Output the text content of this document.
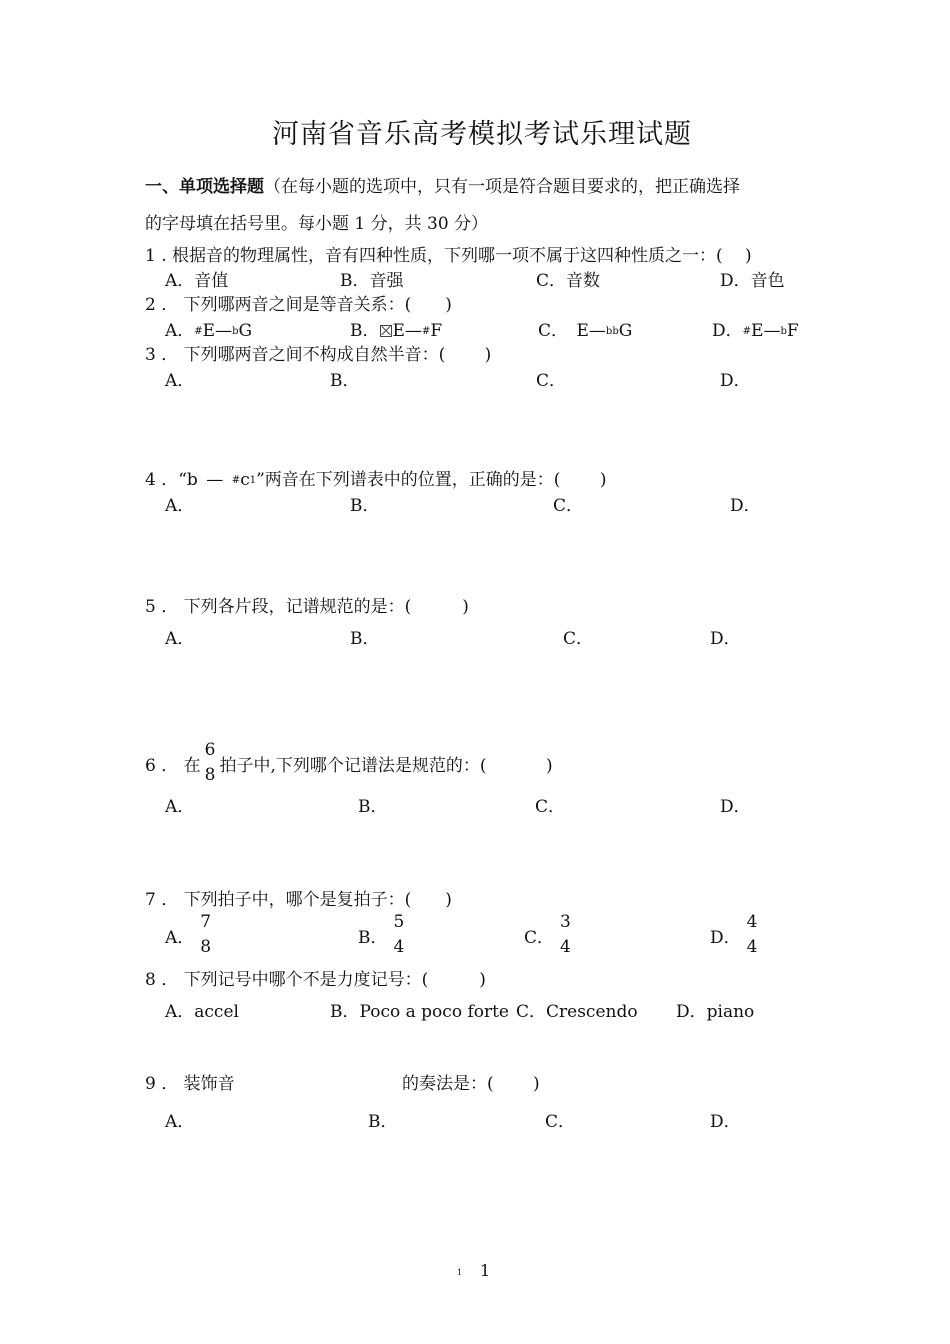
河南省音乐高考模拟考试乐理试题
一、单项选择题（在每小题的选项中，只有一项是符合题目要求的，把正确选择
的字母填在括号里。每小题 1 分，共 30 分）
1 . 根据音的物理属性，音有四种性质，下列哪一项不属于这四种性质之一：(　 )
A．音值	B．音强	C．音数	D．音色
2 ． 下列哪两音之间是等音关系：(　　)
A．#E—bG	B． E—#F	C． E—bbG	D．#E—bF
3 ． 下列哪两音之间不构成自然半音：(　　 )
A．	B．	C．	D．
4 ．“b — #c1”两音在下列谱表中的位置，正确的是：(　　 )
A．	B．	C．	D．
5 ． 下列各片段，记谱规范的是：(　　　)
A．	B．	C．	D．
6 ． 在
6
8 拍子中,下列哪个记谱法是规范的：(　　　 )
A．	B．	C．	D．
7 ． 下列拍子中，哪个是复拍子：(　　)
A．
7
8	B．
5
4	C．
3
4	D．
4
4
8 ． 下列记号中哪个不是力度记号：(　　　)
A．accel	B．Poco a poco forte C．Crescendo D．piano
9 ． 装饰音	的奏法是：(　　 )
A．	B．	C．	D．
1 1
